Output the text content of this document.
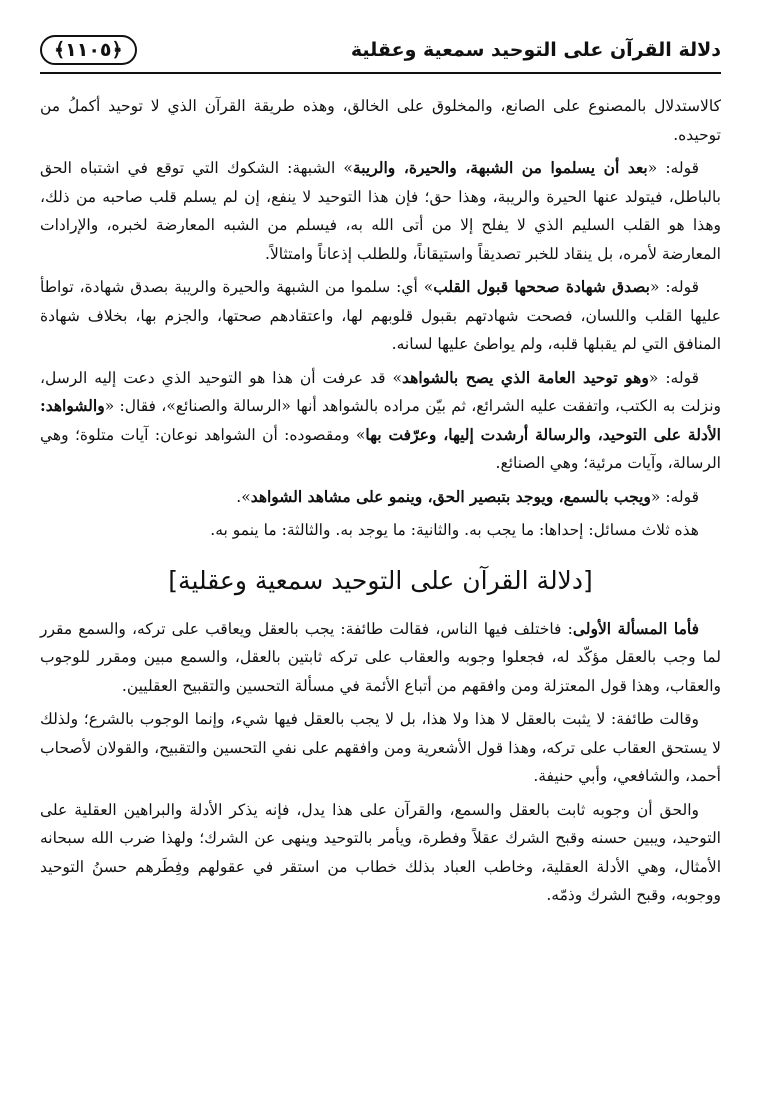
دلالة القرآن على التوحيد سمعية وعقلية
﴿١١٠٥﴾

كالاستدلال بالمصنوع على الصانع، والمخلوق على الخالق، وهذه طريقة القرآن الذي لا توحيد أكملُ من توحيده.

قوله: «بعد أن يسلموا من الشبهة، والحيرة، والريبة» الشبهة: الشكوك التي توقع في اشتباه الحق بالباطل، فيتولد عنها الحيرة والريبة، وهذا حق؛ فإن هذا التوحيد لا ينفع، إن لم يسلم قلب صاحبه من ذلك، وهذا هو القلب السليم الذي لا يفلح إلا من أتى الله به، فيسلم من الشبه المعارضة لخبره، والإرادات المعارضة لأمره، بل ينقاد للخبر تصديقاً واستيقاناً، وللطلب إذعاناً وامتثالاً.

قوله: «بصدق شهادة صححها قبول القلب» أي: سلموا من الشبهة والحيرة والريبة بصدق شهادة، تواطأ عليها القلب واللسان، فصحت شهادتهم بقبول قلوبهم لها، واعتقادهم صحتها، والجزم بها، بخلاف شهادة المنافق التي لم يقبلها قلبه، ولم يواطئ عليها لسانه.

قوله: «وهو توحيد العامة الذي يصح بالشواهد» قد عرفت أن هذا هو التوحيد الذي دعت إليه الرسل، ونزلت به الكتب، واتفقت عليه الشرائع، ثم بيّن مراده بالشواهد أنها «الرسالة والصنائع»، فقال: «والشواهد: الأدلة على التوحيد، والرسالة أرشدت إليها، وعرّفت بها» ومقصوده: أن الشواهد نوعان: آيات متلوة؛ وهي الرسالة، وآيات مرئية؛ وهي الصنائع.

قوله: «ويجب بالسمع، ويوجد بتبصير الحق، وينمو على مشاهد الشواهد».

هذه ثلاث مسائل: إحداها: ما يجب به. والثانية: ما يوجد به. والثالثة: ما ينمو به.

[دلالة القرآن على التوحيد سمعية وعقلية]

فأما المسألة الأولى: فاختلف فيها الناس، فقالت طائفة: يجب بالعقل ويعاقب على تركه، والسمع مقرر لما وجب بالعقل مؤكّد له، فجعلوا وجوبه والعقاب على تركه ثابتين بالعقل، والسمع مبين ومقرر للوجوب والعقاب، وهذا قول المعتزلة ومن وافقهم من أتباع الأئمة في مسألة التحسين والتقبيح العقليين.

وقالت طائفة: لا يثبت بالعقل لا هذا ولا هذا، بل لا يجب بالعقل فيها شيء، وإنما الوجوب بالشرع؛ ولذلك لا يستحق العقاب على تركه، وهذا قول الأشعرية ومن وافقهم على نفي التحسين والتقبيح، والقولان لأصحاب أحمد، والشافعي، وأبي حنيفة.

والحق أن وجوبه ثابت بالعقل والسمع، والقرآن على هذا يدل، فإنه يذكر الأدلة والبراهين العقلية على التوحيد، ويبين حسنه وقبح الشرك عقلاً وفطرة، ويأمر بالتوحيد وينهى عن الشرك؛ ولهذا ضرب الله سبحانه الأمثال، وهي الأدلة العقلية، وخاطب العباد بذلك خطاب من استقر في عقولهم وفِطَرهم حسنُ التوحيد ووجوبه، وقبح الشرك وذمّه.
